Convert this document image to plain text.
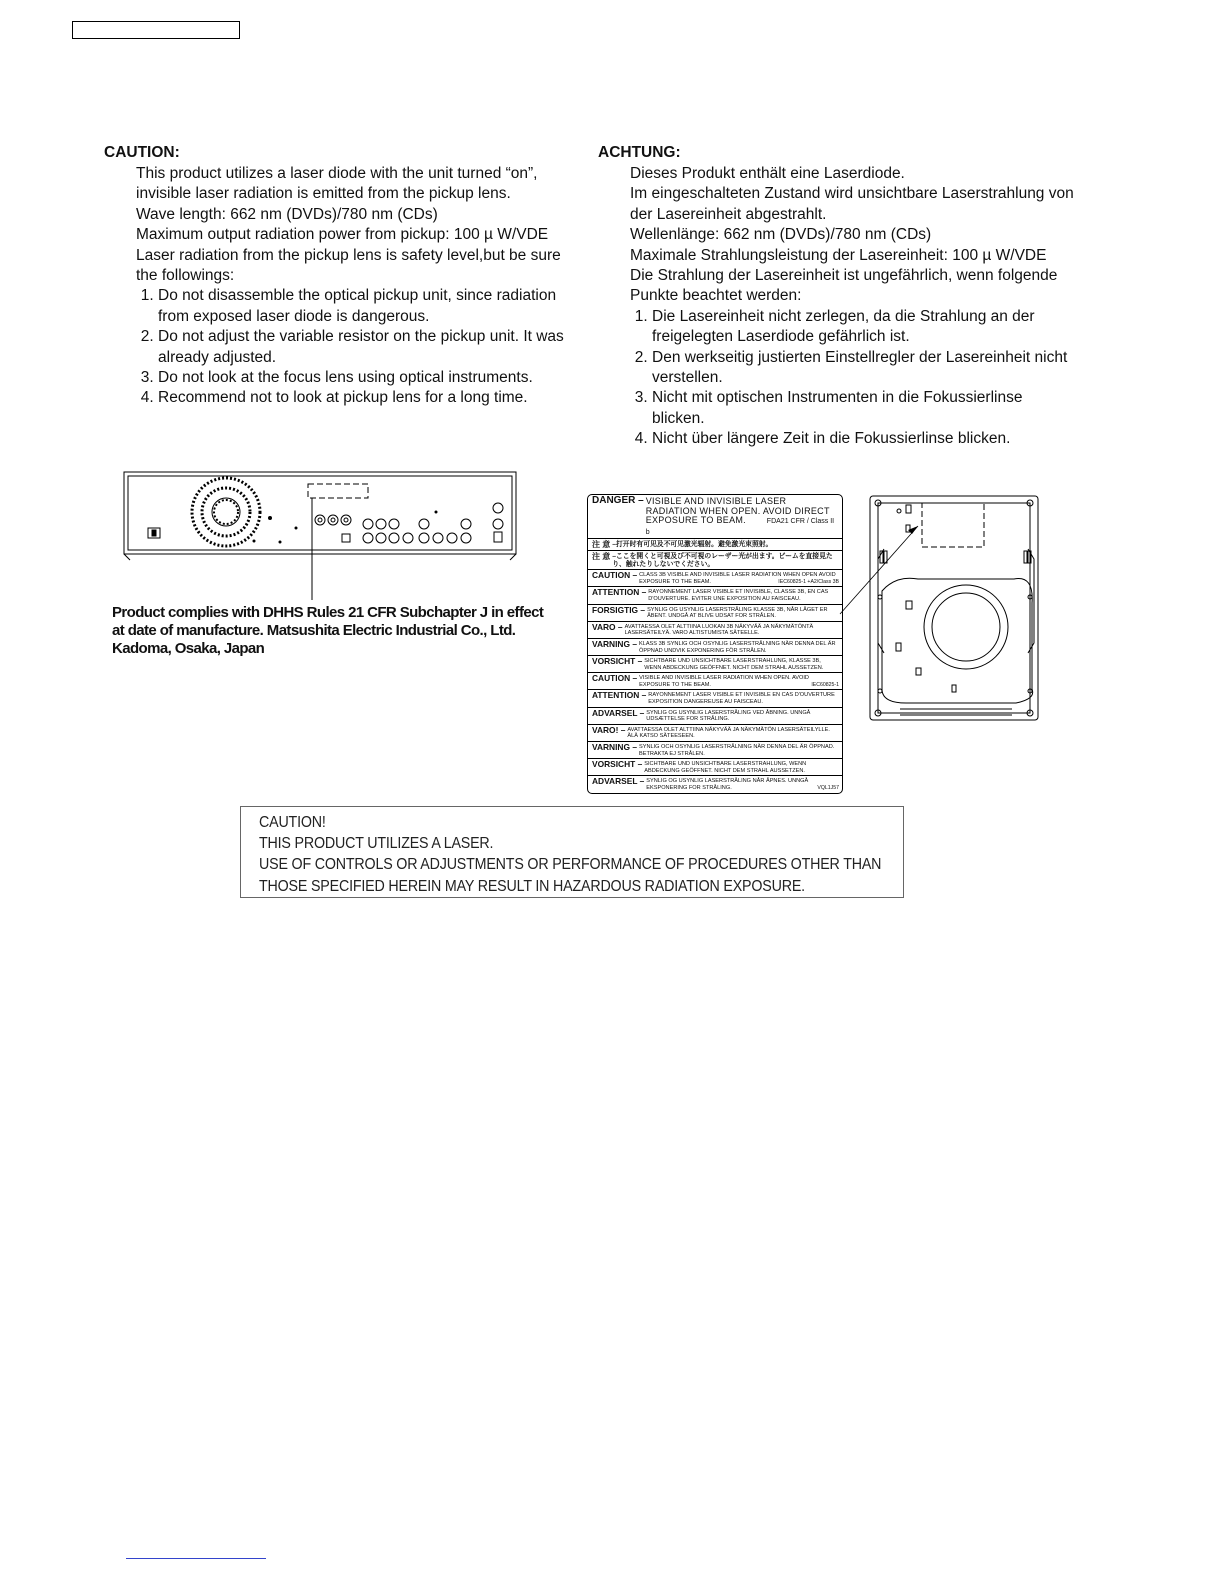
CAUTION:

This product utilizes a laser diode with the unit turned “on”, invisible laser radiation is emitted from the pickup lens.

Wave length: 662 nm (DVDs)/780 nm (CDs)

Maximum output radiation power from pickup: 100 µ W/VDE

Laser radiation from the pickup lens is safety level,but be sure the followings:

1. Do not disassemble the optical pickup unit, since radiation from exposed laser diode is dangerous.
2. Do not adjust the variable resistor on the pickup unit. It was already adjusted.
3. Do not look at the focus lens using optical instruments.
4. Recommend not to look at pickup lens for a long time.
ACHTUNG:

Dieses Produkt enthält eine Laserdiode.

Im eingeschalteten Zustand wird unsichtbare Laserstrahlung von der Lasereinheit abgestrahlt.

Wellenlänge: 662 nm (DVDs)/780 nm (CDs)

Maximale Strahlungsleistung der Lasereinheit: 100 µ W/VDE

Die Strahlung der Lasereinheit ist ungefährlich, wenn folgende Punkte beachtet werden:

1. Die Lasereinheit nicht zerlegen, da die Strahlung an der freigelegten Laserdiode gefährlich ist.
2. Den werkseitig justierten Einstellregler der Lasereinheit nicht verstellen.
3. Nicht mit optischen Instrumenten in die Fokussierlinse blicken.
4. Nicht über längere Zeit in die Fokussierlinse blicken.
Product complies with DHHS Rules 21 CFR Subchapter J in effect
at date of manufacture. Matsushita Electric Industrial Co., Ltd.
Kadoma, Osaka, Japan
DANGER – VISIBLE AND INVISIBLE LASER RADIATION WHEN OPEN. AVOID DIRECT EXPOSURE TO BEAM.	FDA21 CFR / Class II b
注 意 –打开时有可见及不可见激光辐射。避免激光束照射。
注 意 –ここを開くと可視及び不可視のレーザー光が出ます。ビームを直接見たり、触れたりしないでください。
CAUTION – CLASS 3B VISIBLE AND INVISIBLE LASER RADIATION WHEN OPEN AVOID EXPOSURE TO THE BEAM.	IEC60825-1 +A2/Class 3B
ATTENTION – RAYONNEMENT LASER VISIBLE ET INVISIBLE, CLASSE 3B, EN CAS D'OUVERTURE. EVITER UNE EXPOSITION AU FAISCEAU.
FORSIGTIG – SYNLIG OG USYNLIG LASERSTRÅLING KLASSE 3B, NÅR LÅGET ER ÅBENT. UNDGÅ AT BLIVE UDSAT FOR STRÅLEN.
VARO – AVATTAESSA OLET ALTTIINA LUOKAN 3B NÄKYVÄÄ JA NÄKYMÄTÖNTÄ LASERSÄTEILYÄ. VARO ALTISTUMISTA SÄTEELLE.
VARNING – KLASS 3B SYNLIG OCH OSYNLIG LASERSTRÅLNING NÄR DENNA DEL ÄR ÖPPNAD UNDVIK EXPONERING FÖR STRÅLEN.
VORSICHT – SICHTBARE UND UNSICHTBARE LASERSTRAHLUNG, KLASSE 3B, WENN ABDECKUNG GEÖFFNET. NICHT DEM STRAHL AUSSETZEN.
CAUTION – VISIBLE AND INVISIBLE LASER RADIATION WHEN OPEN. AVOID EXPOSURE TO THE BEAM.	IEC60825-1
ATTENTION – RAYONNEMENT LASER VISIBLE ET INVISIBLE EN CAS D'OUVERTURE EXPOSITION DANGEREUSE AU FAISCEAU.
ADVARSEL – SYNLIG OG USYNLIG LASERSTRÅLING VED ÅBNING. UNNGÅ UDSÆTTELSE FOR STRÅLING.
VARO! – AVATTAESSA OLET ALTTIINA NÄKYVÄÄ JA NÄKYMÄTÖN LASERSÄTEILYLLE. ÄLÄ KATSO SÄTEESEEN.
VARNING – SYNLIG OCH OSYNLIG LASERSTRÅLNING NÄR DENNA DEL ÄR ÖPPNAD. BETRAKTA EJ STRÅLEN.
VORSICHT – SICHTBARE UND UNSICHTBARE LASERSTRAHLUNG, WENN ABDECKUNG GEÖFFNET. NICHT DEM STRAHL AUSSETZEN.
ADVARSEL – SYNLIG OG USYNLIG LASERSTRÅLING NÅR ÅPNES. UNNGÅ EKSPONERING FOR STRÅLING.	VQL1J57
CAUTION!
THIS PRODUCT UTILIZES A LASER.
USE OF CONTROLS OR ADJUSTMENTS OR PERFORMANCE OF PROCEDURES OTHER THAN
THOSE SPECIFIED HEREIN MAY RESULT IN HAZARDOUS RADIATION EXPOSURE.
